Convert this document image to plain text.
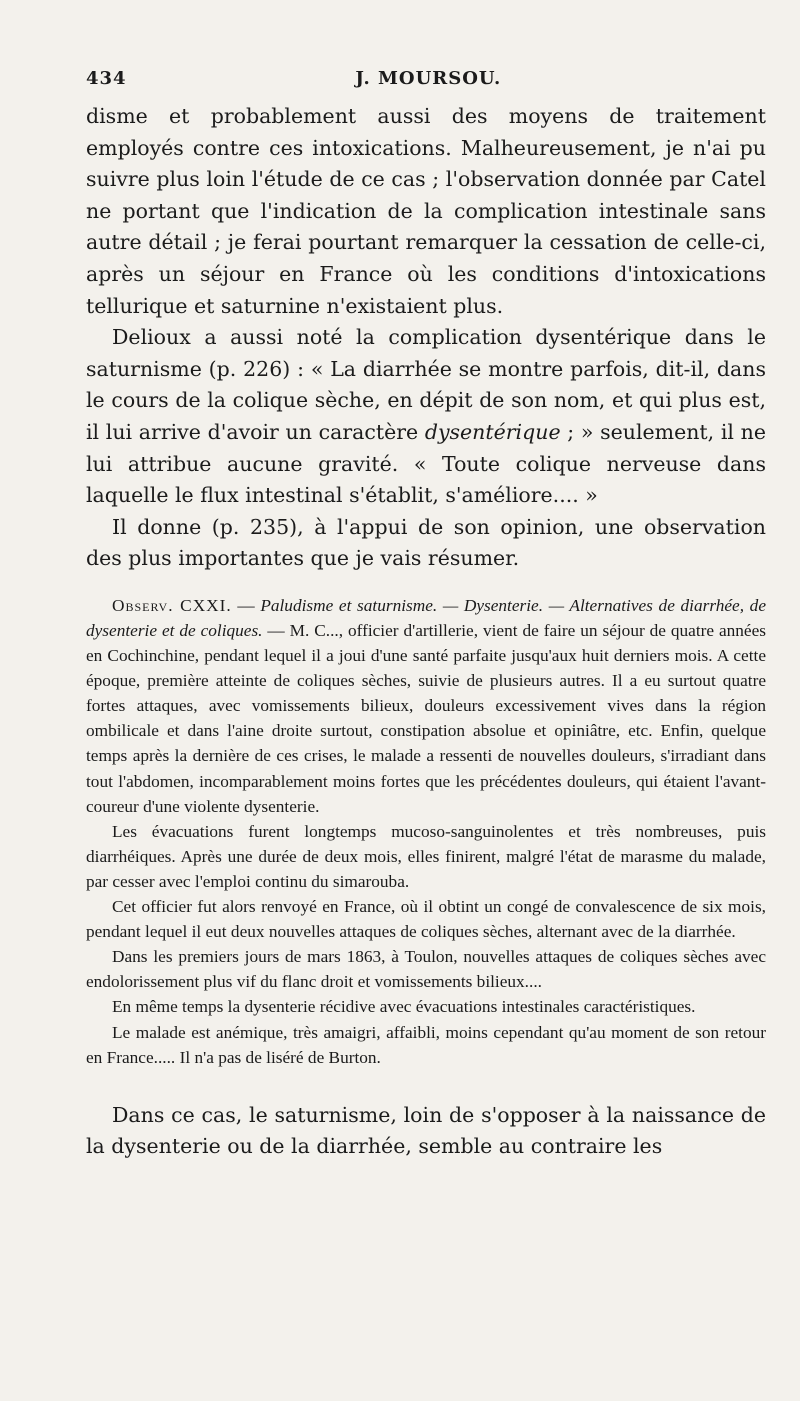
434	J. MOURSOU.

disme et probablement aussi des moyens de traitement employés contre ces intoxications. Malheureusement, je n'ai pu suivre plus loin l'étude de ce cas ; l'observation donnée par Catel ne portant que l'indication de la complication intestinale sans autre détail ; je ferai pourtant remarquer la cessation de celle-ci, après un séjour en France où les conditions d'intoxications tellurique et saturnine n'existaient plus.

Delioux a aussi noté la complication dysentérique dans le saturnisme (p. 226) : « La diarrhée se montre parfois, dit-il, dans le cours de la colique sèche, en dépit de son nom, et qui plus est, il lui arrive d'avoir un caractère dysentérique ; » seulement, il ne lui attribue aucune gravité. « Toute colique nerveuse dans laquelle le flux intestinal s'établit, s'améliore.... »

Il donne (p. 235), à l'appui de son opinion, une observation des plus importantes que je vais résumer.

Observ. CXXI. — Paludisme et saturnisme. — Dysenterie. — Alternatives de diarrhée, de dysenterie et de coliques. — M. C..., officier d'artillerie, vient de faire un séjour de quatre années en Cochinchine, pendant lequel il a joui d'une santé parfaite jusqu'aux huit derniers mois. A cette époque, première atteinte de coliques sèches, suivie de plusieurs autres. Il a eu surtout quatre fortes attaques, avec vomissements bilieux, douleurs excessivement vives dans la région ombilicale et dans l'aine droite surtout, constipation absolue et opiniâtre, etc. Enfin, quelque temps après la dernière de ces crises, le malade a ressenti de nouvelles douleurs, s'irradiant dans tout l'abdomen, incomparablement moins fortes que les précédentes douleurs, qui étaient l'avant-coureur d'une violente dysenterie.

Les évacuations furent longtemps mucoso-sanguinolentes et très nombreuses, puis diarrhéiques. Après une durée de deux mois, elles finirent, malgré l'état de marasme du malade, par cesser avec l'emploi continu du simarouba.

Cet officier fut alors renvoyé en France, où il obtint un congé de convalescence de six mois, pendant lequel il eut deux nouvelles attaques de coliques sèches, alternant avec de la diarrhée.

Dans les premiers jours de mars 1863, à Toulon, nouvelles attaques de coliques sèches avec endolorissement plus vif du flanc droit et vomissements bilieux....

En même temps la dysenterie récidive avec évacuations intestinales caractéristiques.

Le malade est anémique, très amaigri, affaibli, moins cependant qu'au moment de son retour en France..... Il n'a pas de liséré de Burton.

Dans ce cas, le saturnisme, loin de s'opposer à la naissance de la dysenterie ou de la diarrhée, semble au contraire les
